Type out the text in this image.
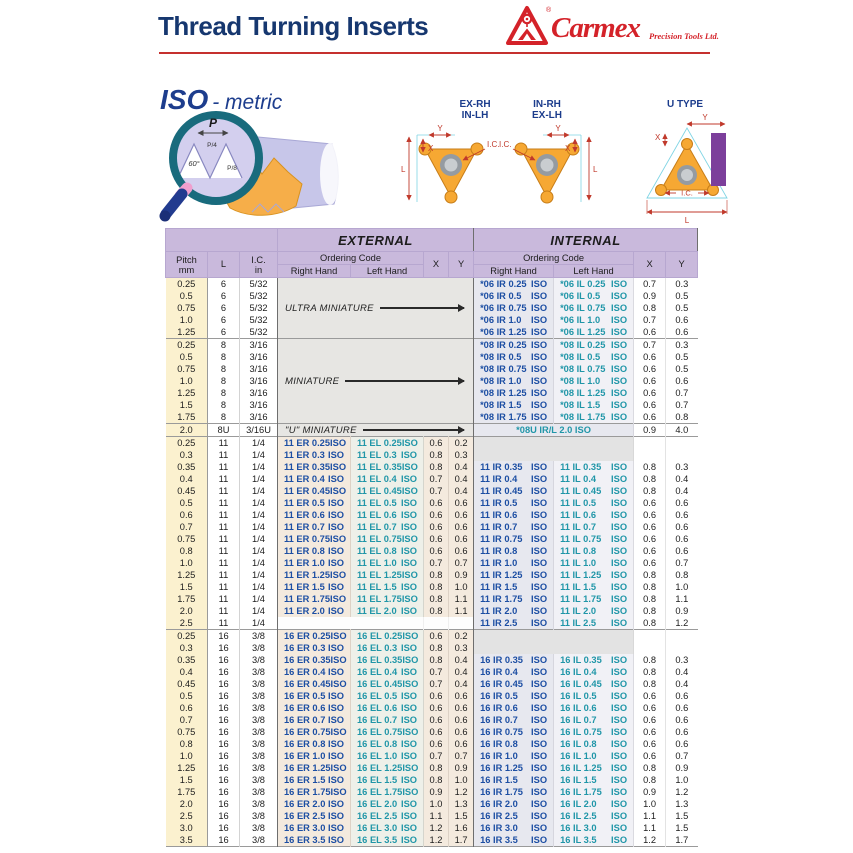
Thread Turning Inserts
®
Carmex Precision Tools Ltd.
ISO - metric
P
P/4
60°
P/8
EX-RH
IN-LH
IN-RH
EX-LH
U TYPE
Y
X
L
I.C.
Y
X
L
I.C.
X
Y
I.C.
L
			EXTERNAL				INTERNAL			

Pitch
mm
	L	I.C.
in
	Ordering Code	X	Y	Ordering Code	X	Y
			Right Hand	Left Hand			Right Hand	Left Hand		
0.25	6	5/32	ULTRA MINIATURE				*06 IR 0.25 ISO	*06 IL 0.25 ISO	0.7	0.3
0.5	6	5/32					*06 IR 0.5 ISO	*06 IL 0.5 ISO	0.9	0.5
0.75	6	5/32					*06 IR 0.75 ISO	*06 IL 0.75 ISO	0.8	0.5
1.0	6	5/32					*06 IR 1.0 ISO	*06 IL 1.0 ISO	0.7	0.6
1.25	6	5/32					*06 IR 1.25 ISO	*06 IL 1.25 ISO	0.6	0.6
0.25	8	3/16	MINIATURE				*08 IR 0.25 ISO	*08 IL 0.25 ISO	0.7	0.3
0.5	8	3/16					*08 IR 0.5 ISO	*08 IL 0.5 ISO	0.6	0.5
0.75	8	3/16					*08 IR 0.75 ISO	*08 IL 0.75 ISO	0.6	0.5
1.0	8	3/16					*08 IR 1.0 ISO	*08 IL 1.0 ISO	0.6	0.6
1.25	8	3/16					*08 IR 1.25 ISO	*08 IL 1.25 ISO	0.6	0.7
1.5	8	3/16					*08 IR 1.5 ISO	*08 IL 1.5 ISO	0.6	0.7
1.75	8	3/16					*08 IR 1.75 ISO	*08 IL 1.75 ISO	0.6	0.8
2.0	8U	3/16U	"U" MINIATURE				*08U IR/L 2.0 ISO		0.9	4.0
0.25	11	1/4	11 ER 0.25 ISO	11 EL 0.25 ISO	0.6	0.2				
0.3	11	1/4	11 ER 0.3 ISO	11 EL 0.3 ISO	0.8	0.3				
0.35	11	1/4	11 ER 0.35 ISO	11 EL 0.35 ISO	0.8	0.4	11 IR 0.35 ISO	11 IL 0.35 ISO	0.8	0.3
0.4	11	1/4	11 ER 0.4 ISO	11 EL 0.4 ISO	0.7	0.4	11 IR 0.4 ISO	11 IL 0.4 ISO	0.8	0.4
0.45	11	1/4	11 ER 0.45 ISO	11 EL 0.45 ISO	0.7	0.4	11 IR 0.45 ISO	11 IL 0.45 ISO	0.8	0.4
0.5	11	1/4	11 ER 0.5 ISO	11 EL 0.5 ISO	0.6	0.6	11 IR 0.5 ISO	11 IL 0.5 ISO	0.6	0.6
0.6	11	1/4	11 ER 0.6 ISO	11 EL 0.6 ISO	0.6	0.6	11 IR 0.6 ISO	11 IL 0.6 ISO	0.6	0.6
0.7	11	1/4	11 ER 0.7 ISO	11 EL 0.7 ISO	0.6	0.6	11 IR 0.7 ISO	11 IL 0.7 ISO	0.6	0.6
0.75	11	1/4	11 ER 0.75 ISO	11 EL 0.75 ISO	0.6	0.6	11 IR 0.75 ISO	11 IL 0.75 ISO	0.6	0.6
0.8	11	1/4	11 ER 0.8 ISO	11 EL 0.8 ISO	0.6	0.6	11 IR 0.8 ISO	11 IL 0.8 ISO	0.6	0.6
1.0	11	1/4	11 ER 1.0 ISO	11 EL 1.0 ISO	0.7	0.7	11 IR 1.0 ISO	11 IL 1.0 ISO	0.6	0.7
1.25	11	1/4	11 ER 1.25 ISO	11 EL 1.25 ISO	0.8	0.9	11 IR 1.25 ISO	11 IL 1.25 ISO	0.8	0.8
1.5	11	1/4	11 ER 1.5 ISO	11 EL 1.5 ISO	0.8	1.0	11 IR 1.5 ISO	11 IL 1.5 ISO	0.8	1.0
1.75	11	1/4	11 ER 1.75 ISO	11 EL 1.75 ISO	0.8	1.1	11 IR 1.75 ISO	11 IL 1.75 ISO	0.8	1.1
2.0	11	1/4	11 ER 2.0 ISO	11 EL 2.0 ISO	0.8	1.1	11 IR 2.0 ISO	11 IL 2.0 ISO	0.8	0.9
2.5	11	1/4					11 IR 2.5 ISO	11 IL 2.5 ISO	0.8	1.2
0.25	16	3/8	16 ER 0.25 ISO	16 EL 0.25 ISO	0.6	0.2				
0.3	16	3/8	16 ER 0.3 ISO	16 EL 0.3 ISO	0.8	0.3				
0.35	16	3/8	16 ER 0.35 ISO	16 EL 0.35 ISO	0.8	0.4	16 IR 0.35 ISO	16 IL 0.35 ISO	0.8	0.3
0.4	16	3/8	16 ER 0.4 ISO	16 EL 0.4 ISO	0.7	0.4	16 IR 0.4 ISO	16 IL 0.4 ISO	0.8	0.4
0.45	16	3/8	16 ER 0.45 ISO	16 EL 0.45 ISO	0.7	0.4	16 IR 0.45 ISO	16 IL 0.45 ISO	0.8	0.4
0.5	16	3/8	16 ER 0.5 ISO	16 EL 0.5 ISO	0.6	0.6	16 IR 0.5 ISO	16 IL 0.5 ISO	0.6	0.6
0.6	16	3/8	16 ER 0.6 ISO	16 EL 0.6 ISO	0.6	0.6	16 IR 0.6 ISO	16 IL 0.6 ISO	0.6	0.6
0.7	16	3/8	16 ER 0.7 ISO	16 EL 0.7 ISO	0.6	0.6	16 IR 0.7 ISO	16 IL 0.7 ISO	0.6	0.6
0.75	16	3/8	16 ER 0.75 ISO	16 EL 0.75 ISO	0.6	0.6	16 IR 0.75 ISO	16 IL 0.75 ISO	0.6	0.6
0.8	16	3/8	16 ER 0.8 ISO	16 EL 0.8 ISO	0.6	0.6	16 IR 0.8 ISO	16 IL 0.8 ISO	0.6	0.6
1.0	16	3/8	16 ER 1.0 ISO	16 EL 1.0 ISO	0.7	0.7	16 IR 1.0 ISO	16 IL 1.0 ISO	0.6	0.7
1.25	16	3/8	16 ER 1.25 ISO	16 EL 1.25 ISO	0.8	0.9	16 IR 1.25 ISO	16 IL 1.25 ISO	0.8	0.9
1.5	16	3/8	16 ER 1.5 ISO	16 EL 1.5 ISO	0.8	1.0	16 IR 1.5 ISO	16 IL 1.5 ISO	0.8	1.0
1.75	16	3/8	16 ER 1.75 ISO	16 EL 1.75 ISO	0.9	1.2	16 IR 1.75 ISO	16 IL 1.75 ISO	0.9	1.2
2.0	16	3/8	16 ER 2.0 ISO	16 EL 2.0 ISO	1.0	1.3	16 IR 2.0 ISO	16 IL 2.0 ISO	1.0	1.3
2.5	16	3/8	16 ER 2.5 ISO	16 EL 2.5 ISO	1.1	1.5	16 IR 2.5 ISO	16 IL 2.5 ISO	1.1	1.5
3.0	16	3/8	16 ER 3.0 ISO	16 EL 3.0 ISO	1.2	1.6	16 IR 3.0 ISO	16 IL 3.0 ISO	1.1	1.5
3.5	16	3/8	16 ER 3.5 ISO	16 EL 3.5 ISO	1.2	1.7	16 IR 3.5 ISO	16 IL 3.5 ISO	1.2	1.7
